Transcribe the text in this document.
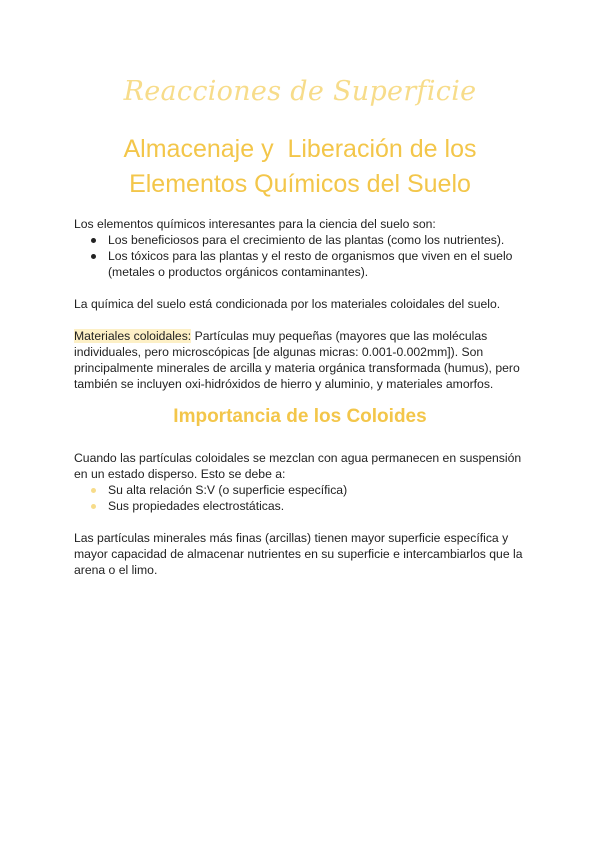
Reacciones de Superficie
Almacenaje y  Liberación de los
Elementos Químicos del Suelo
Los elementos químicos interesantes para la ciencia del suelo son:
Los beneficiosos para el crecimiento de las plantas (como los nutrientes).
Los tóxicos para las plantas y el resto de organismos que viven en el suelo (metales o productos orgánicos contaminantes).
La química del suelo está condicionada por los materiales coloidales del suelo.
Materiales coloidales: Partículas muy pequeñas (mayores que las moléculas individuales, pero microscópicas [de algunas micras: 0.001-0.002mm]). Son principalmente minerales de arcilla y materia orgánica transformada (humus), pero también se incluyen oxi-hidróxidos de hierro y aluminio, y materiales amorfos.
Importancia de los Coloides
Cuando las partículas coloidales se mezclan con agua permanecen en suspensión en un estado disperso. Esto se debe a:
Su alta relación S:V (o superficie específica)
Sus propiedades electrostáticas.
Las partículas minerales más finas (arcillas) tienen mayor superficie específica y mayor capacidad de almacenar nutrientes en su superficie e intercambiarlos que la arena o el limo.
